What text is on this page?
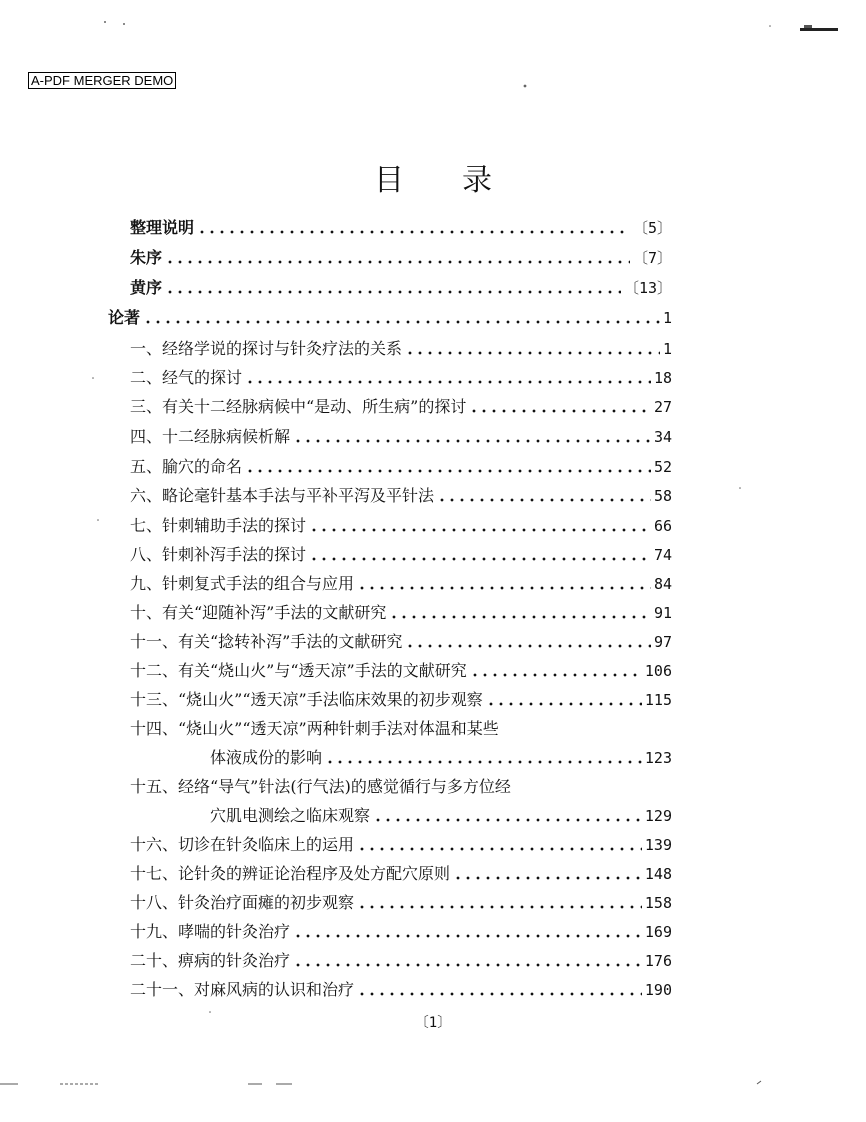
A-PDF MERGER DEMO
目录
整理说明	〔5〕
朱序	〔7〕
黄序	〔13〕
论著	1
一、经络学说的探讨与针灸疗法的关系	1
二、经气的探讨	18
三、有关十二经脉病候中“是动、所生病”的探讨	27
四、十二经脉病候析解	34
五、腧穴的命名	52
六、略论毫针基本手法与平补平泻及平针法	58
七、针刺辅助手法的探讨	66
八、针刺补泻手法的探讨	74
九、针刺复式手法的组合与应用	84
十、有关“迎随补泻”手法的文献研究	91
十一、有关“捻转补泻”手法的文献研究	97
十二、有关“烧山火”与“透天凉”手法的文献研究	106
十三、“烧山火”“透天凉”手法临床效果的初步观察	115
十四、“烧山火”“透天凉”两种针刺手法对体温和某些
体液成份的影响	123
十五、经络“导气”针法(行气法)的感觉循行与多方位经
穴肌电测绘之临床观察	129
十六、切诊在针灸临床上的运用	139
十七、论针灸的辨证论治程序及处方配穴原则	148
十八、针灸治疗面瘫的初步观察	158
十九、哮喘的针灸治疗	169
二十、痹病的针灸治疗	176
二十一、对麻风病的认识和治疗	190
〔1〕
